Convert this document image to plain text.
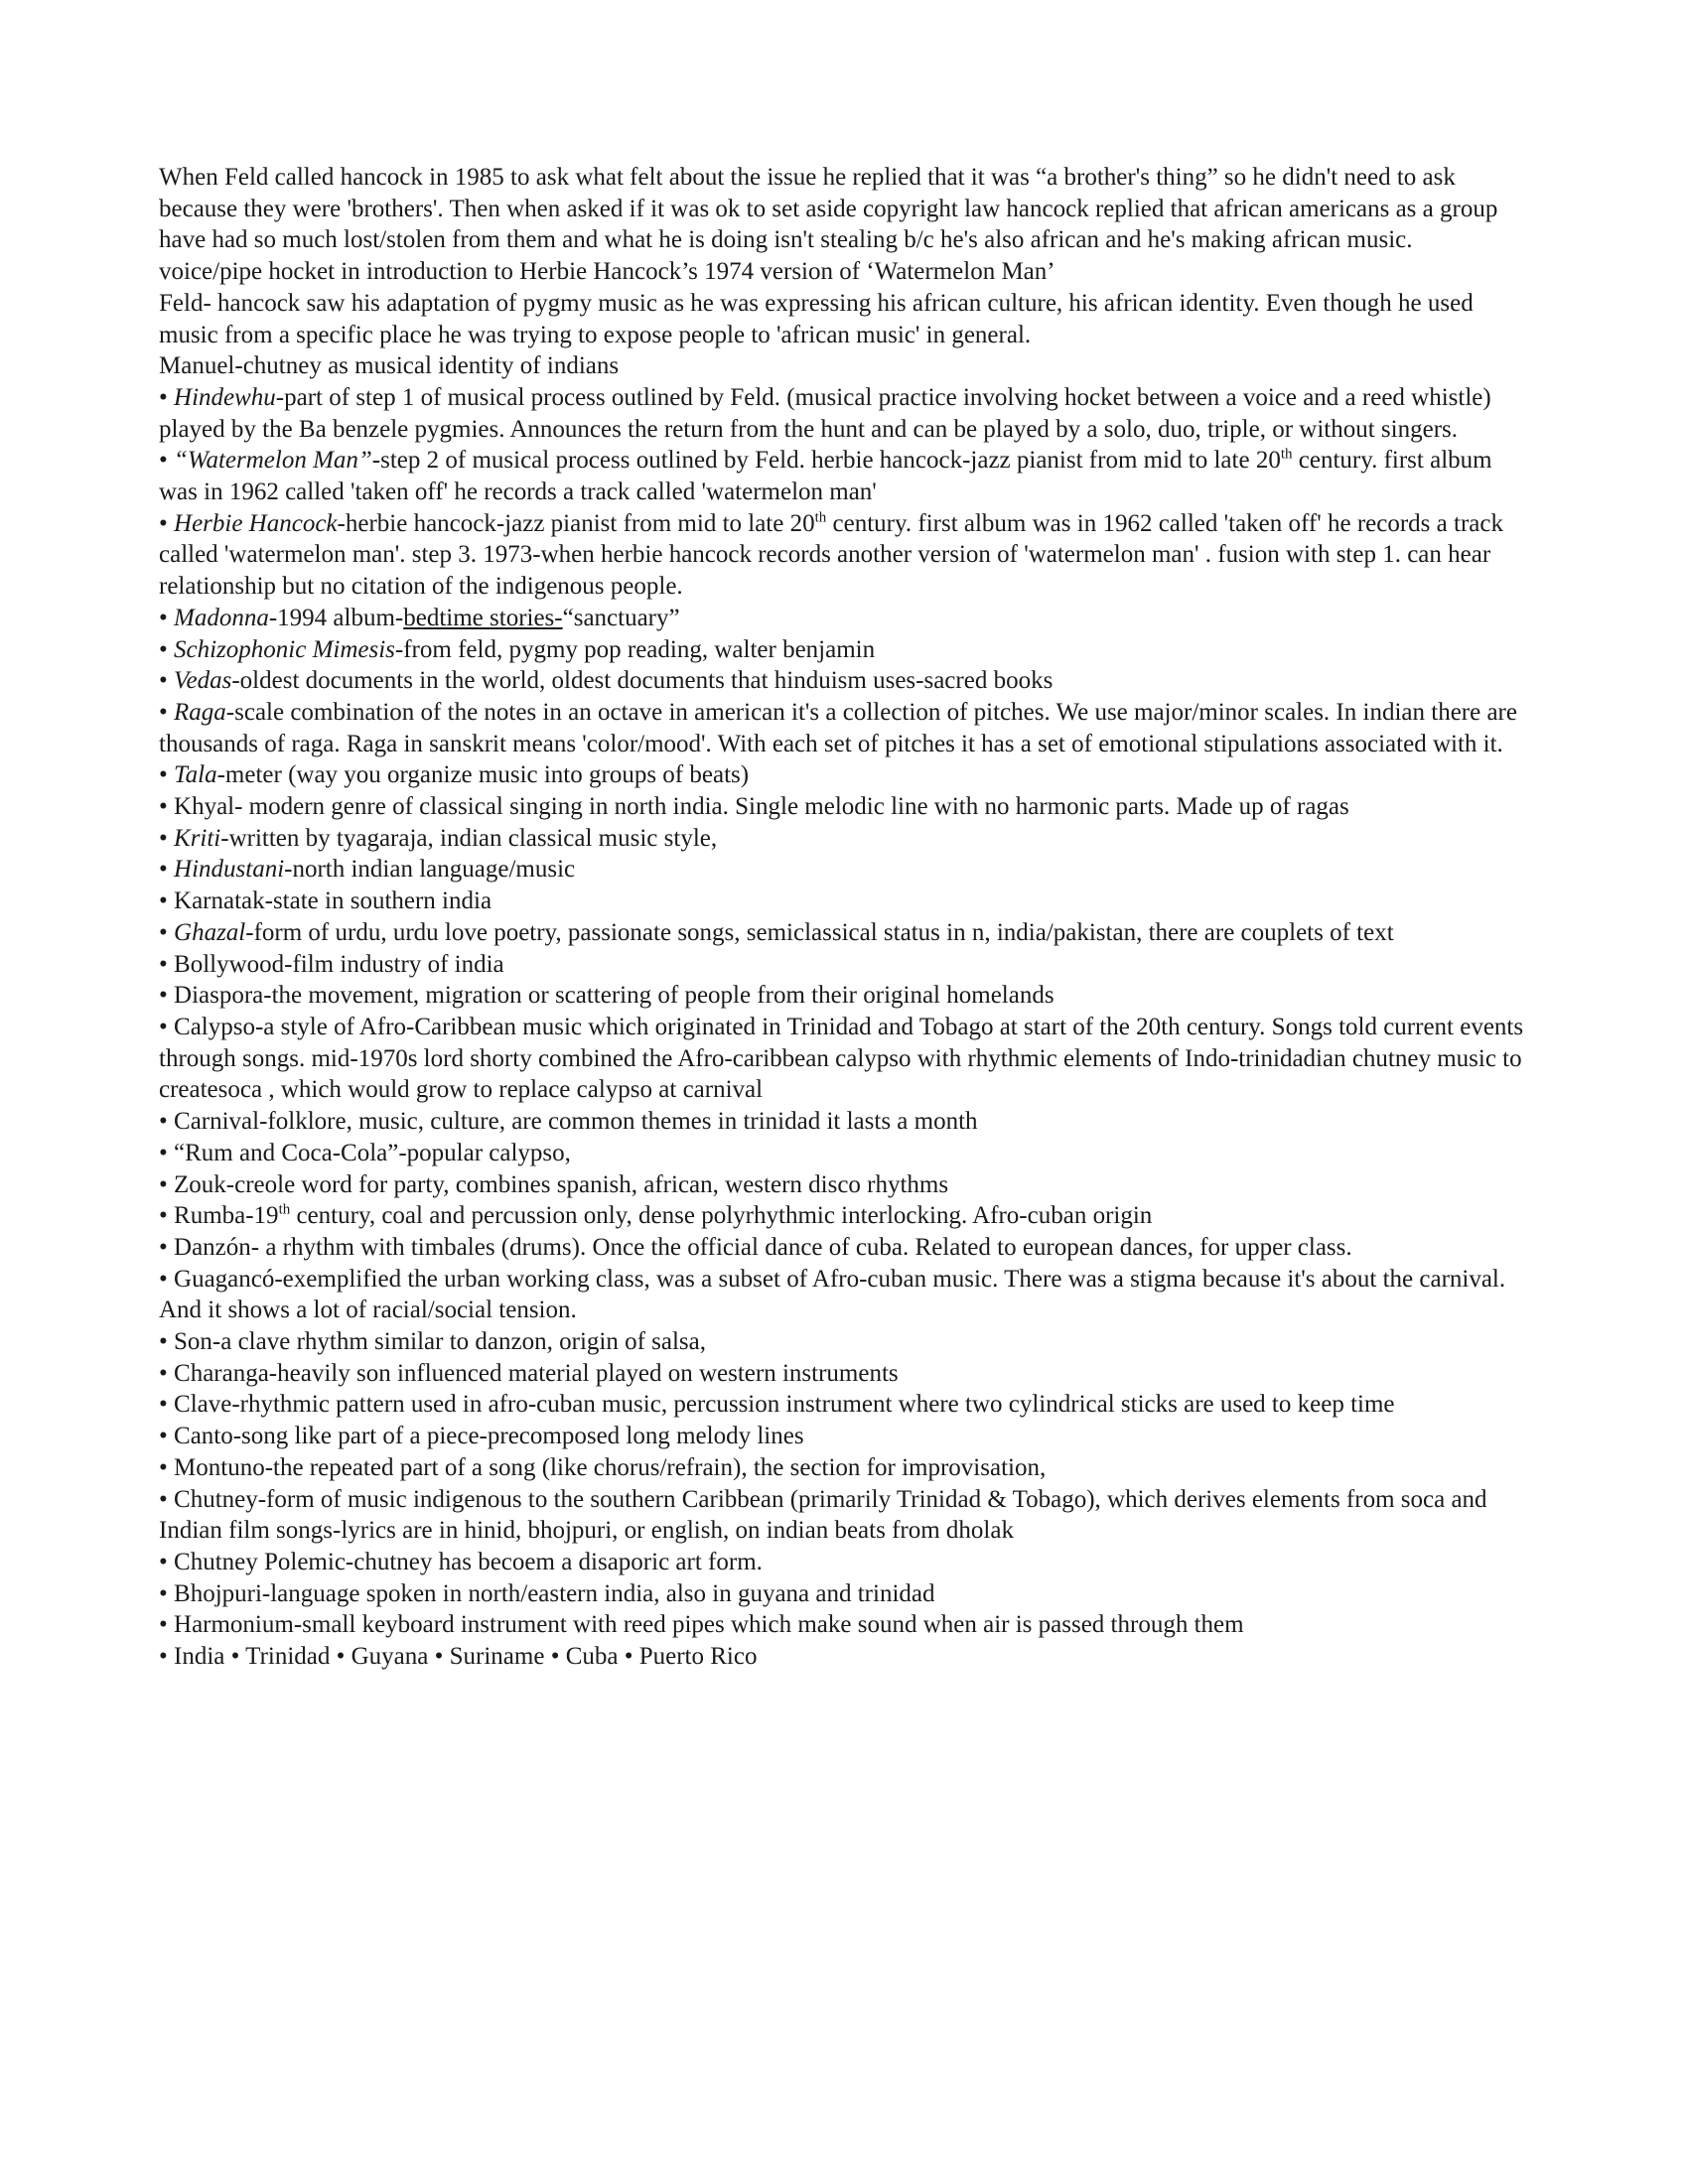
When Feld called hancock in 1985 to ask what felt about the issue he replied that it was “a brother's thing” so he didn't need to ask because they were 'brothers'. Then when asked if it was ok to set aside copyright law hancock replied that african americans as a group have had so much lost/stolen from them and what he is doing isn't stealing b/c he's also african and he's making african music.

voice/pipe hocket in introduction to Herbie Hancock’s 1974 version of ‘Watermelon Man’

Feld- hancock saw his adaptation of pygmy music as he was expressing his african culture, his african identity. Even though he used music from a specific place he was trying to expose people to 'african music' in general.

Manuel-chutney as musical identity of indians

• Hindewhu-part of step 1 of musical process outlined by Feld. (musical practice involving hocket between a voice and a reed whistle) played by the Ba benzele pygmies. Announces the return from the hunt and can be played by a solo, duo, triple, or without singers.

• “Watermelon Man”-step 2 of musical process outlined by Feld. herbie hancock-jazz pianist from mid to late 20th century. first album was in 1962 called 'taken off' he records a track called 'watermelon man'

• Herbie Hancock-herbie hancock-jazz pianist from mid to late 20th century. first album was in 1962 called 'taken off' he records a track called 'watermelon man'. step 3. 1973-when herbie hancock records another version of 'watermelon man' . fusion with step 1. can hear relationship but no citation of the indigenous people.

• Madonna-1994 album-bedtime stories-“sanctuary”

• Schizophonic Mimesis-from feld, pygmy pop reading, walter benjamin

• Vedas-oldest documents in the world, oldest documents that hinduism uses-sacred books

• Raga-scale combination of the notes in an octave in american it's a collection of pitches. We use major/minor scales. In indian there are thousands of raga. Raga in sanskrit means 'color/mood'. With each set of pitches it has a set of emotional stipulations associated with it.

• Tala-meter (way you organize music into groups of beats)

• Khyal- modern genre of classical singing in north india. Single melodic line with no harmonic parts. Made up of ragas

• Kriti-written by tyagaraja, indian classical music style,

• Hindustani-north indian language/music

• Karnatak-state in southern india

• Ghazal-form of urdu, urdu love poetry, passionate songs, semiclassical status in n, india/pakistan, there are couplets of text

• Bollywood-film industry of india

• Diaspora-the movement, migration or scattering of people from their original homelands

• Calypso-a style of Afro-Caribbean music which originated in Trinidad and Tobago at start of the 20th century. Songs told current events through songs. mid-1970s lord shorty combined the Afro-caribbean calypso with rhythmic elements of Indo-trinidadian chutney music to createsoca , which would grow to replace calypso at carnival

• Carnival-folklore, music, culture, are common themes in trinidad it lasts a month

• “Rum and Coca-Cola”-popular calypso,

• Zouk-creole word for party, combines spanish, african, western disco rhythms

• Rumba-19th century, coal and percussion only, dense polyrhythmic interlocking. Afro-cuban origin

• Danzón- a rhythm with timbales (drums). Once the official dance of cuba. Related to european dances, for upper class.

• Guagancó-exemplified the urban working class, was a subset of Afro-cuban music. There was a stigma because it's about the carnival. And it shows a lot of racial/social tension.

• Son-a clave rhythm similar to danzon, origin of salsa,

• Charanga-heavily son influenced material played on western instruments

• Clave-rhythmic pattern used in afro-cuban music, percussion instrument where two cylindrical sticks are used to keep time

• Canto-song like part of a piece-precomposed long melody lines

• Montuno-the repeated part of a song (like chorus/refrain), the section for improvisation,

• Chutney-form of music indigenous to the southern Caribbean (primarily Trinidad & Tobago), which derives elements from soca and Indian film songs-lyrics are in hinid, bhojpuri, or english, on indian beats from dholak

• Chutney Polemic-chutney has becoem a disaporic art form.

• Bhojpuri-language spoken in north/eastern india, also in guyana and trinidad

• Harmonium-small keyboard instrument with reed pipes which make sound when air is passed through them

• India • Trinidad • Guyana • Suriname • Cuba • Puerto Rico
